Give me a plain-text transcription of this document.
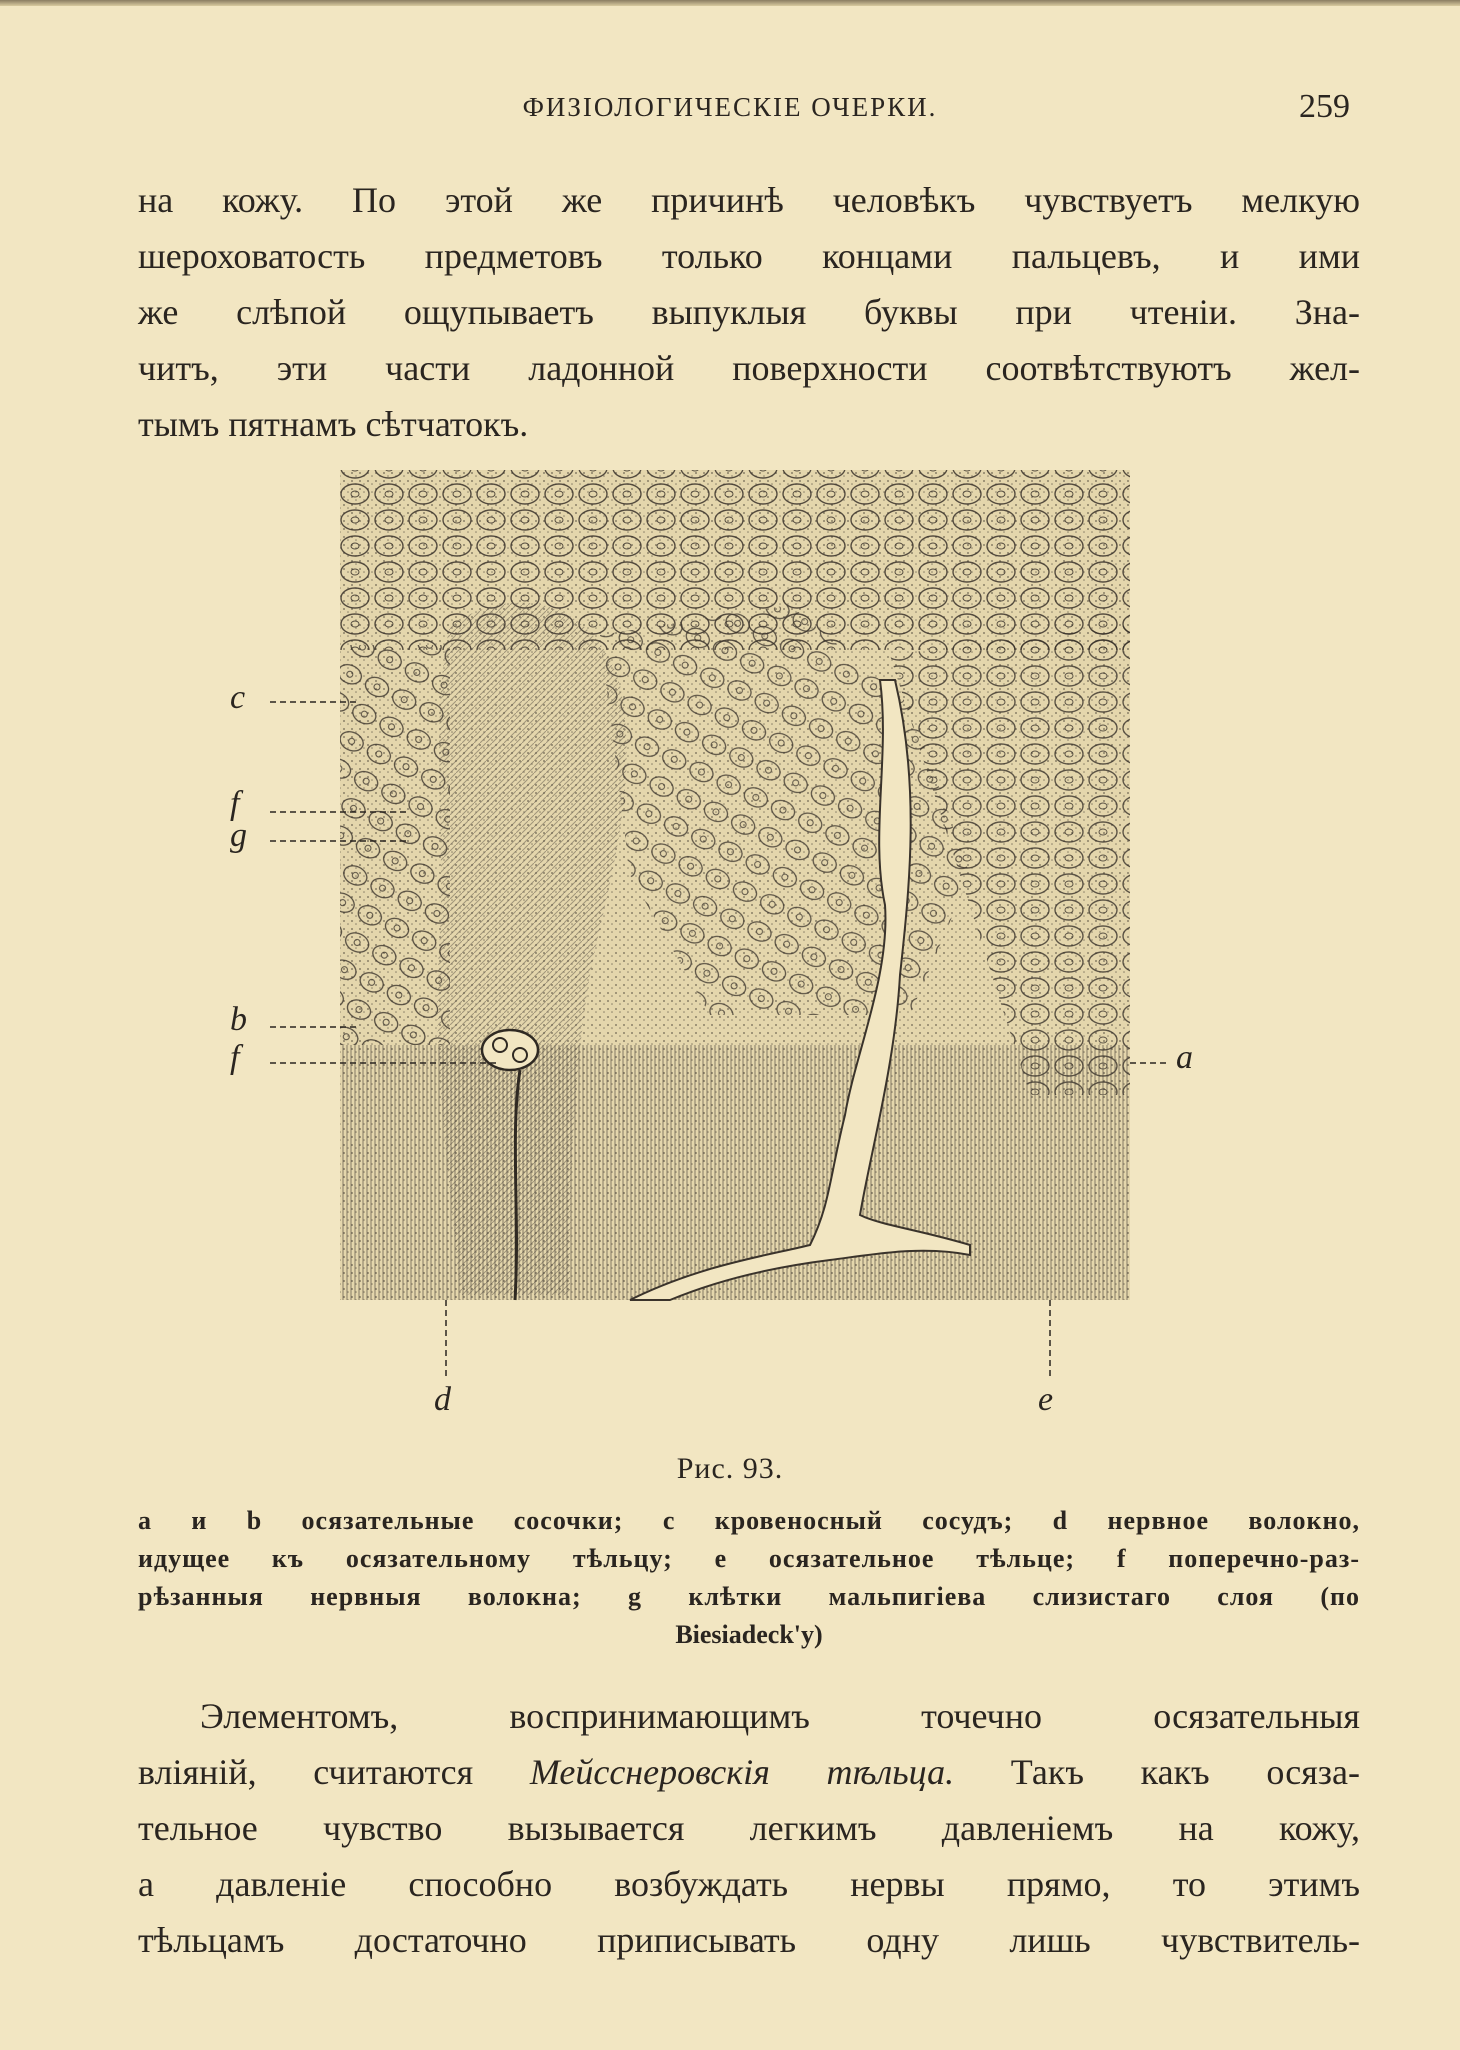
ФИЗІОЛОГИЧЕСКІЕ ОЧЕРКИ.	259
на кожу. По этой же причинѣ человѣкъ чувствуетъ мелкую
шероховатость предметовъ только концами пальцевъ, и ими
же слѣпой ощупываетъ выпуклыя буквы при чтеніи. Зна-
читъ, эти части ладонной поверхности соотвѣтствуютъ жел-
тымъ пятнамъ сѣтчатокъ.
c
f
g
b
f	a
d	e
Рис. 93.
a и b осязательные сосочки; c кровеносный сосудъ; d нервное волокно,
идущее къ осязательному тѣльцу; e осязательное тѣльце; f поперечно-раз-
рѣзанныя нервныя волокна; g клѣтки мальпигіева слизистаго слоя (по
Biesiadeck'y)
Элементомъ, воспринимающимъ точечно осязательныя
вліяній, считаются Мейсснеровскія тѣльца. Такъ какъ осяза-
тельное чувство вызывается легкимъ давленіемъ на кожу,
а давленіе способно возбуждать нервы прямо, то этимъ
тѣльцамъ достаточно приписывать одну лишь чувствитель-
